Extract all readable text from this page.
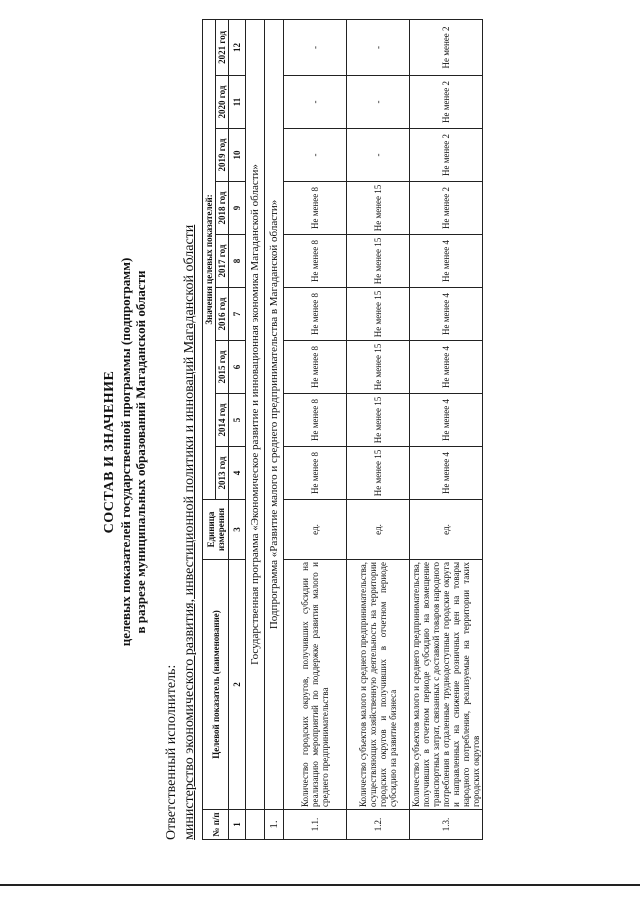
СОСТАВ И ЗНАЧЕНИЕ целевых показателей государственной программы (подпрограмм) в разрезе муниципальных образований Магаданской области
Ответственный исполнитель: министерство экономического развития, инвестиционной политики и инноваций Магаданской области № п/п	Целевой показатель (наименование)	Единица измерения	Значения целевых показателей:								
			2013 год	2014 год	2015 год	2016 год	2017 год	2018 год	2019 год	2020 год	2021 год
1	2	3	4	5	6	7	8	9	10	11	12
	Государственная программа «Экономическое развитие и инновационная экономика Магаданской области»										
1.	Подпрограмма «Развитие малого и среднего предпринимательства в Магаданской области»										
1.1.	Количество городских округов, получивших субсидии на реализацию мероприятий по поддержке развития малого и среднего предпринимательства	ед.	Не менее 8	Не менее 8	Не менее 8	Не менее 8	Не менее 8	Не менее 8	-	-	-
1.2.	Количество субъектов малого и среднего предпринимательства, осуществляющих хозяйственную деятельность на территории городских округов и получивших в отчетном периоде субсидию на развитие бизнеса	ед.	Не менее 15	Не менее 15	Не менее 15	Не менее 15	Не менее 15	Не менее 15	-	-	-
1.3.	Количество субъектов малого и среднего предпринимательства, получивших в отчетном периоде субсидию на возмещение транспортных затрат, связанных с доставкой товаров народного потребления в отдаленные труднодоступные городские округа и направленных на снижение розничных цен на товары народного потребления, реализуемые на территории таких городских округов	ед.	Не менее 4	Не менее 4	Не менее 4	Не менее 4	Не менее 4	Не менее 2	Не менее 2	Не менее 2	Не менее 2
